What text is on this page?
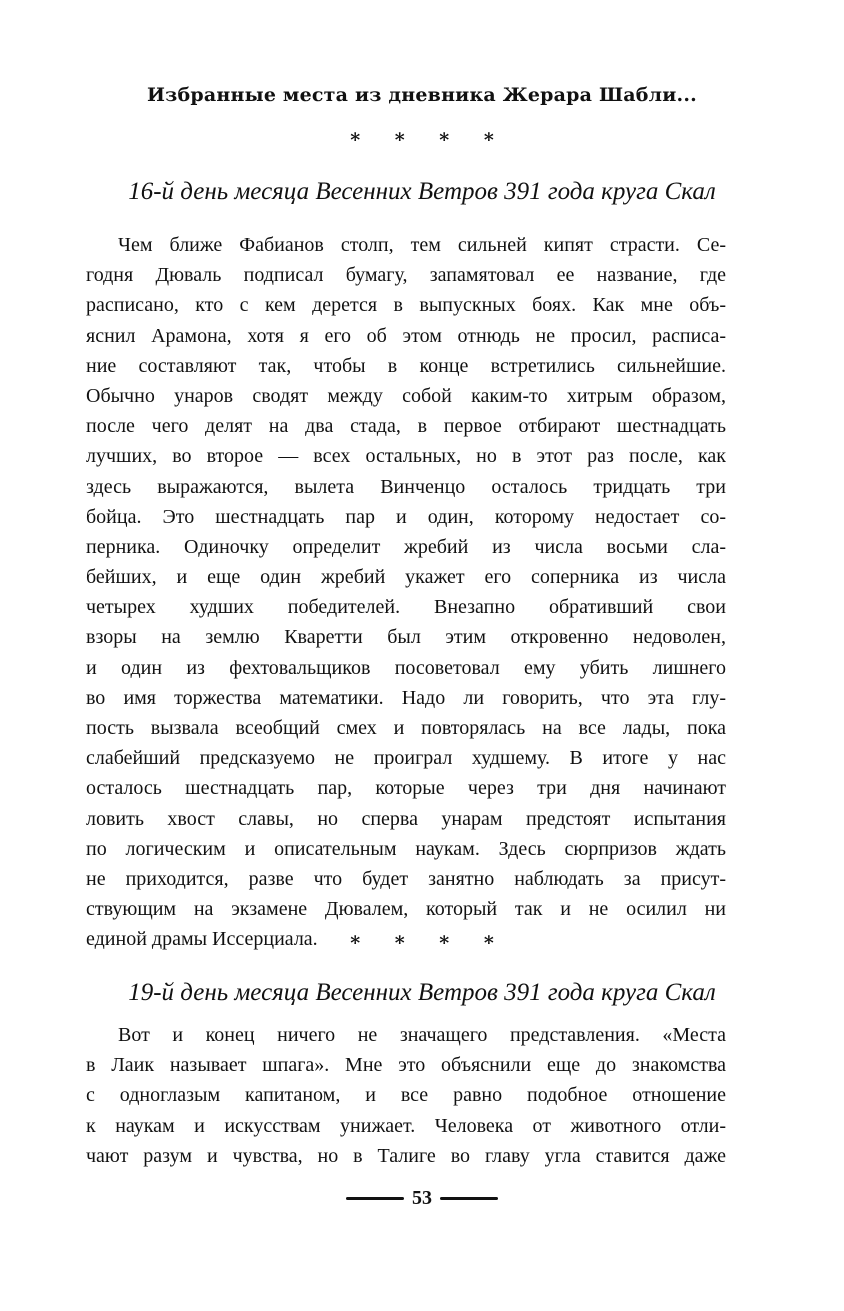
Избранные места из дневника Жерара Шабли...
* * * *
16-й день месяца Весенних Ветров 391 года круга Скал
Чем ближе Фабианов столп, тем сильней кипят страсти. Се-
годня Дюваль подписал бумагу, запамятовал ее название, где
расписано, кто с кем дерется в выпускных боях. Как мне объ-
яснил Арамона, хотя я его об этом отнюдь не просил, расписа-
ние составляют так, чтобы в конце встретились сильнейшие.
Обычно унаров сводят между собой каким-то хитрым образом,
после чего делят на два стада, в первое отбирают шестнадцать
лучших, во второе — всех остальных, но в этот раз после, как
здесь выражаются, вылета Винченцо осталось тридцать три
бойца. Это шестнадцать пар и один, которому недостает со-
перника. Одиночку определит жребий из числа восьми сла-
бейших, и еще один жребий укажет его соперника из числа
четырех худших победителей. Внезапно обративший свои
взоры на землю Кваретти был этим откровенно недоволен,
и один из фехтовальщиков посоветовал ему убить лишнего
во имя торжества математики. Надо ли говорить, что эта глу-
пость вызвала всеобщий смех и повторялась на все лады, пока
слабейший предсказуемо не проиграл худшему. В итоге у нас
осталось шестнадцать пар, которые через три дня начинают
ловить хвост славы, но сперва унарам предстоят испытания
по логическим и описательным наукам. Здесь сюрпризов ждать
не приходится, разве что будет занятно наблюдать за присут-
ствующим на экзамене Дювалем, который так и не осилил ни
единой драмы Иссерциала.	* * * *
19-й день месяца Весенних Ветров 391 года круга Скал
Вот и конец ничего не значащего представления. «Места
в Лаик называет шпага». Мне это объяснили еще до знакомства
с одноглазым капитаном, и все равно подобное отношение
к наукам и искусствам унижает. Человека от животного отли-
чают разум и чувства, но в Талиге во главу угла ставится даже
53
